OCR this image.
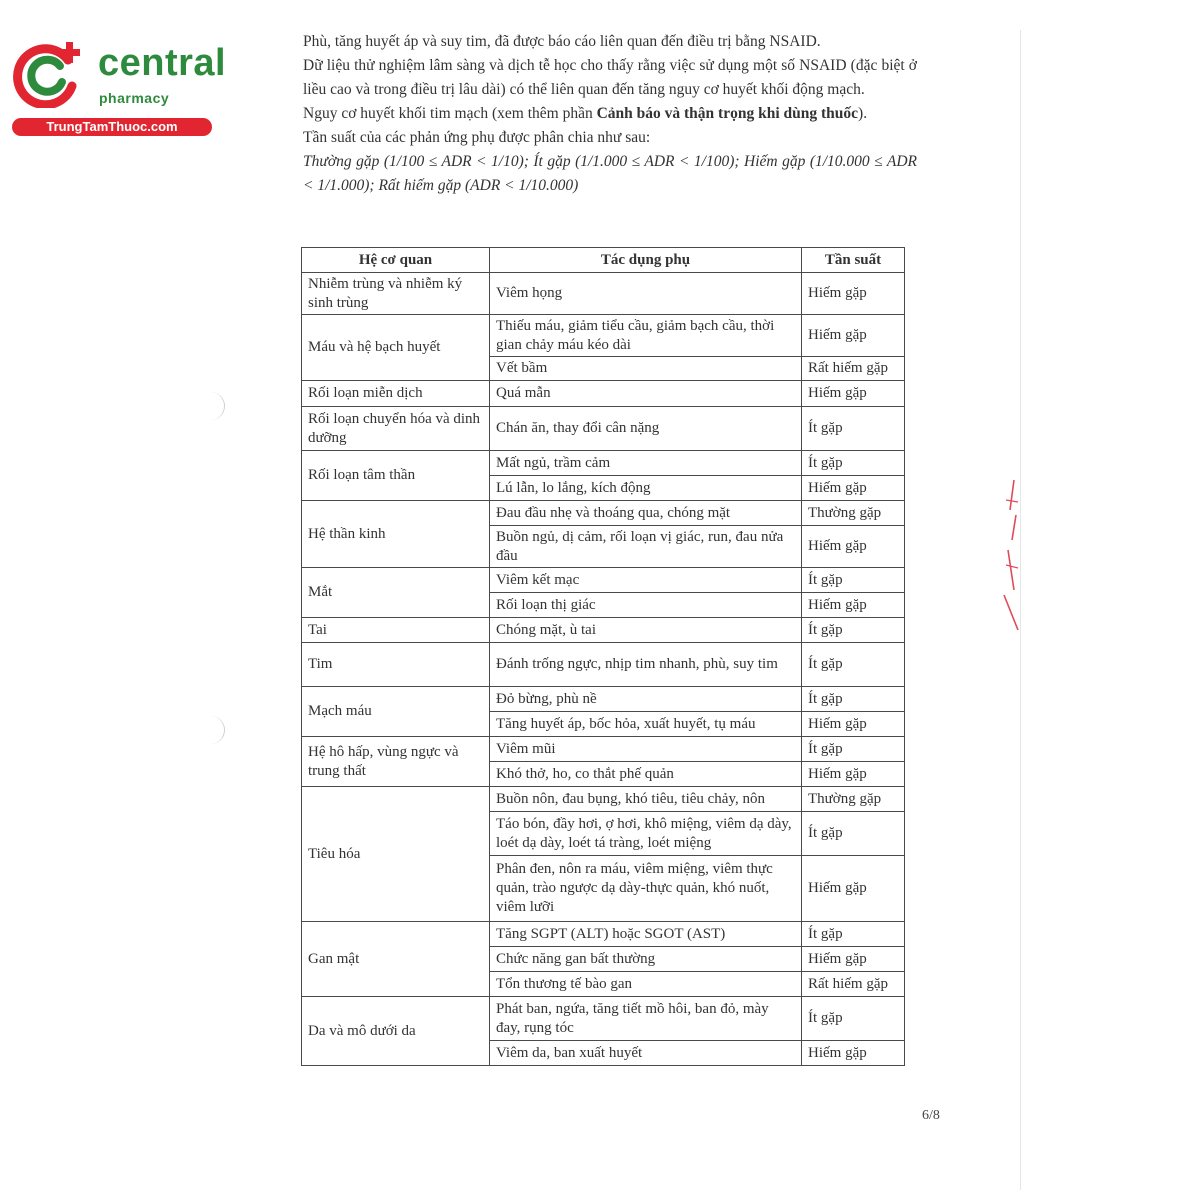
central
pharmacy
TrungTamThuoc.com

Phù, tăng huyết áp và suy tim, đã được báo cáo liên quan đến điều trị bằng NSAID.

Dữ liệu thử nghiệm lâm sàng và dịch tễ học cho thấy rằng việc sử dụng một số NSAID (đặc biệt ở liều cao và trong điều trị lâu dài) có thể liên quan đến tăng nguy cơ huyết khối động mạch.

Nguy cơ huyết khối tim mạch (xem thêm phần Cảnh báo và thận trọng khi dùng thuốc).

Tần suất của các phản ứng phụ được phân chia như sau:

Thường gặp (1/100 ≤ ADR < 1/10); Ít gặp (1/1.000 ≤ ADR < 1/100); Hiếm gặp (1/10.000 ≤ ADR < 1/1.000); Rất hiếm gặp (ADR < 1/10.000)

Hệ cơ quan	Tác dụng phụ	Tần suất
Nhiễm trùng và nhiễm ký sinh trùng	Viêm họng	Hiếm gặp
Máu và hệ bạch huyết	Thiếu máu, giảm tiểu cầu, giảm bạch cầu, thời gian chảy máu kéo dài	Hiếm gặp
	Vết bầm	Rất hiếm gặp
Rối loạn miễn dịch	Quá mẫn	Hiếm gặp
Rối loạn chuyển hóa và dinh dưỡng	Chán ăn, thay đổi cân nặng	Ít gặp
Rối loạn tâm thần	Mất ngủ, trầm cảm	Ít gặp
	Lú lẫn, lo lắng, kích động	Hiếm gặp
Hệ thần kinh	Đau đầu nhẹ và thoáng qua, chóng mặt	Thường gặp
	Buồn ngủ, dị cảm, rối loạn vị giác, run, đau nửa đầu	Hiếm gặp
Mắt	Viêm kết mạc	Ít gặp
	Rối loạn thị giác	Hiếm gặp
Tai	Chóng mặt, ù tai	Ít gặp
Tim	Đánh trống ngực, nhịp tim nhanh, phù, suy tim	Ít gặp
Mạch máu	Đỏ bừng, phù nề	Ít gặp
	Tăng huyết áp, bốc hỏa, xuất huyết, tụ máu	Hiếm gặp
Hệ hô hấp, vùng ngực và trung thất	Viêm mũi	Ít gặp
	Khó thở, ho, co thắt phế quản	Hiếm gặp
Tiêu hóa	Buồn nôn, đau bụng, khó tiêu, tiêu chảy, nôn	Thường gặp
	Táo bón, đầy hơi, ợ hơi, khô miệng, viêm dạ dày, loét dạ dày, loét tá tràng, loét miệng	Ít gặp
	Phân đen, nôn ra máu, viêm miệng, viêm thực quản, trào ngược dạ dày-thực quản, khó nuốt, viêm lưỡi	Hiếm gặp
Gan mật	Tăng SGPT (ALT) hoặc SGOT (AST)	Ít gặp
	Chức năng gan bất thường	Hiếm gặp
	Tổn thương tế bào gan	Rất hiếm gặp
Da và mô dưới da	Phát ban, ngứa, tăng tiết mồ hôi, ban đỏ, mày đay, rụng tóc	Ít gặp
	Viêm da, ban xuất huyết	Hiếm gặp
6/8
